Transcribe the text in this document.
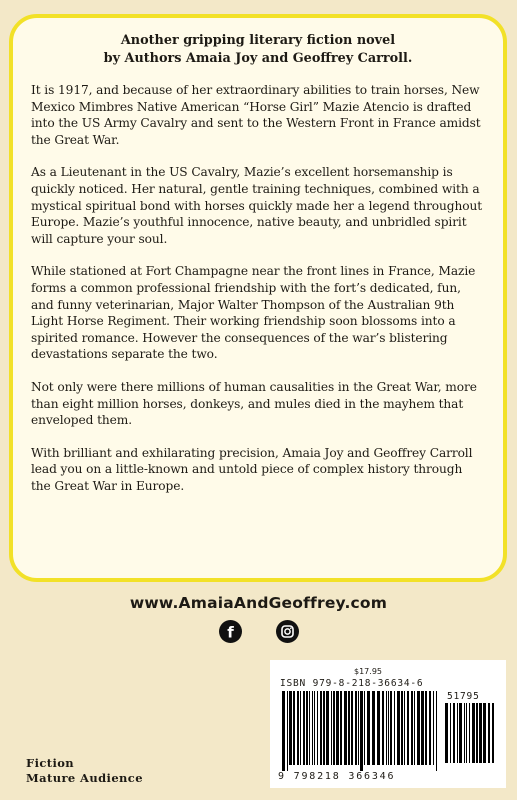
Another gripping literary fiction novel
by Authors Amaia Joy and Geoffrey Carroll.

It is 1917, and because of her extraordinary abilities to train horses, New Mexico Mimbres Native American “Horse Girl” Mazie Atencio is drafted into the US Army Cavalry and sent to the Western Front in France amidst the Great War.

As a Lieutenant in the US Cavalry, Mazie’s excellent horsemanship is quickly noticed. Her natural, gentle training techniques, combined with a mystical spiritual bond with horses quickly made her a legend throughout Europe. Mazie’s youthful innocence, native beauty, and unbridled spirit will capture your soul.

While stationed at Fort Champagne near the front lines in France, Mazie forms a common professional friendship with the fort’s dedicated, fun, and funny veterinarian, Major Walter Thompson of the Australian 9th Light Horse Regiment. Their working friendship soon blossoms into a spirited romance. However the consequences of the war’s blistering devastations separate the two.

Not only were there millions of human causalities in the Great War, more than eight million horses, donkeys, and mules died in the mayhem that enveloped them.

With brilliant and exhilarating precision, Amaia Joy and Geoffrey Carroll lead you on a little-known and untold piece of complex history through the Great War in Europe.

www.AmaiaAndGeoffrey.com
f
$17.95
ISBN 979-8-218-36634-6
51795
9 798218 366346
Fiction
Mature Audience
